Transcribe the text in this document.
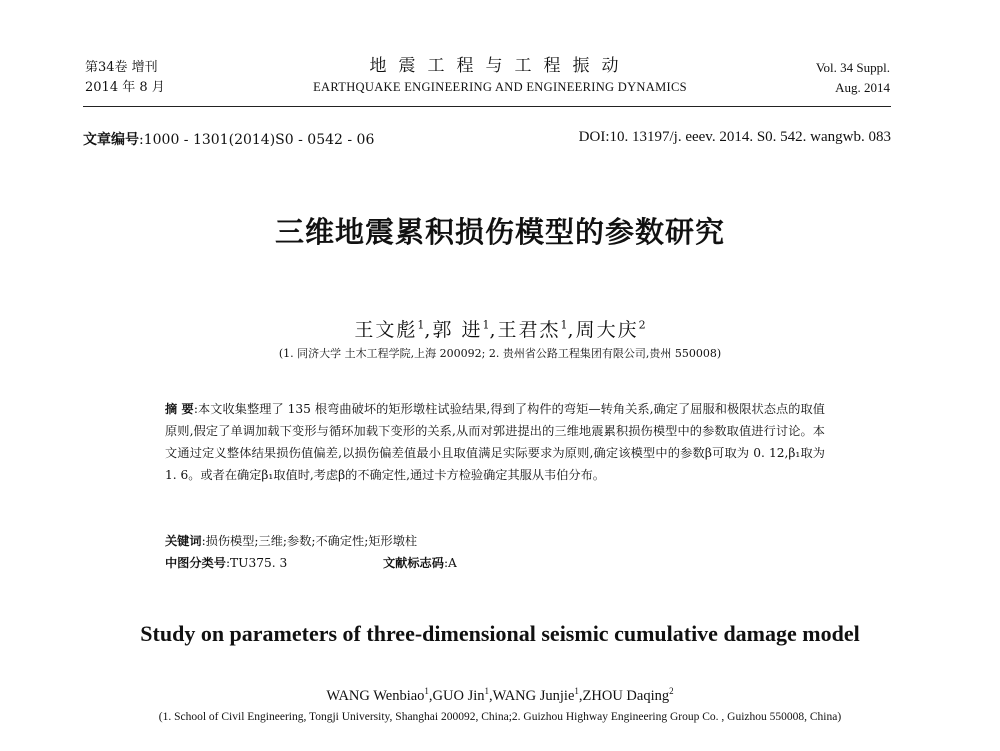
第34卷 增刊
2014 年 8 月
地震工程与工程振动
EARTHQUAKE ENGINEERING AND ENGINEERING DYNAMICS
Vol. 34 Suppl.
Aug. 2014
文章编号:1000 - 1301(2014)S0 - 0542 - 06	DOI:10. 13197/j. eeev. 2014. S0. 542. wangwb. 083
三维地震累积损伤模型的参数研究
王文彪$^1$,郭 进$^1$,王君杰$^1$,周大庆$^2$
(1. 同济大学 土木工程学院,上海 200092; 2. 贵州省公路工程集团有限公司,贵州 550008)
摘 要:本文收集整理了 135 根弯曲破坏的矩形墩柱试验结果,得到了构件的弯矩—转角关系,确定了屈服和极限状态点的取值原则,假定了单调加载下变形与循环加载下变形的关系,从而对郭进提出的三维地震累积损伤模型中的参数取值进行讨论。本文通过定义整体结果损伤值偏差,以损伤偏差值最小且取值满足实际要求为原则,确定该模型中的参数β可取为 0. 12,β₁取为 1. 6。或者在确定β₁取值时,考虑β的不确定性,通过卡方检验确定其服从韦伯分布。
关键词:损伤模型;三维;参数;不确定性;矩形墩柱
中图分类号:TU375. 3	文献标志码:A
Study on parameters of three-dimensional seismic cumulative damage model
WANG Wenbiao$^1$,GUO Jin$^1$,WANG Junjie$^1$,ZHOU Daqing$^2$
(1. School of Civil Engineering, Tongji University, Shanghai 200092, China;2. Guizhou Highway Engineering Group Co. , Guizhou 550008, China)
